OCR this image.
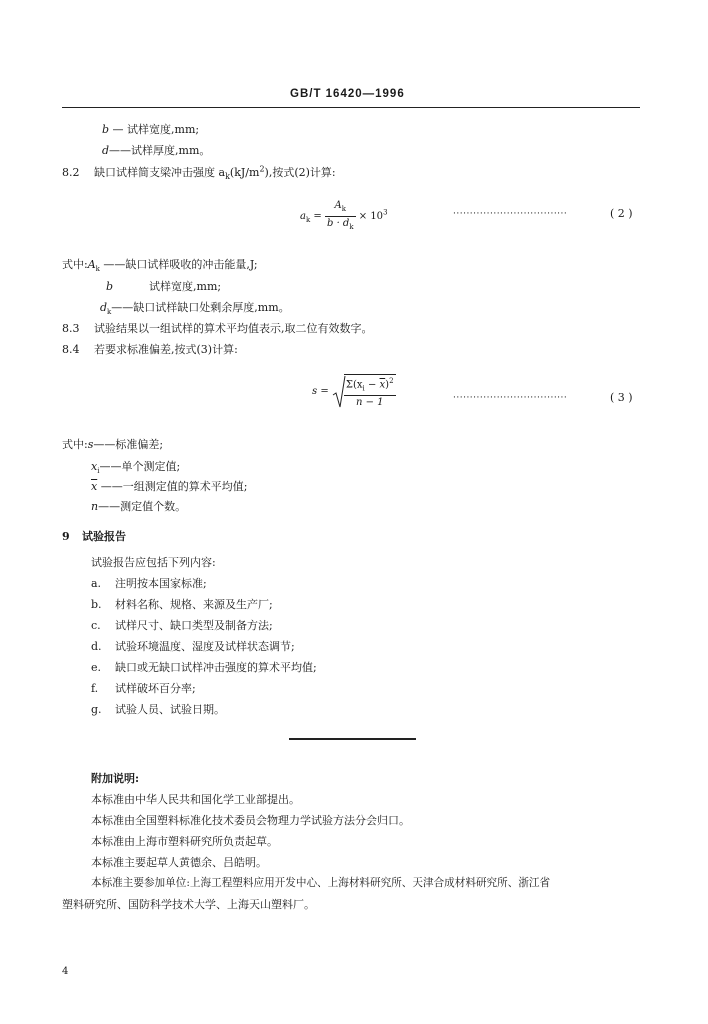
GB/T 16420—1996
b — 试样宽度,mm;
d——试样厚度,mm。
8.2 缺口试样简支梁冲击强度 $a_k(kJ/m^2)$,按式(2)计算:
$a_k = \frac{A_k}{b \cdot d_k} \times 10^3$	··································	( 2 )
式中$:A_k$ ——缺口试样吸收的冲击能量,J;
b ——试样宽度,mm;
$d_k——$缺口试样缺口处剩余厚度,mm。
8.3 试验结果以一组试样的算术平均值表示,取二位有效数字。
8.4 若要求标准偏差,按式(3)计算:
$s = \frac{\Sigma(x_i - \overline{x})^2}{n - 1}$	··································	( 3 )
式中:s——标准偏差;
$x_i——$单个测定值;
$\overline{x}$ ——一组测定值的算术平均值;
n——测定值个数。
9 试验报告
试验报告应包括下列内容:
a. 注明按本国家标准;
b. 材料名称、规格、来源及生产厂;
c. 试样尺寸、缺口类型及制备方法;
d. 试验环境温度、湿度及试样状态调节;
e. 缺口或无缺口试样冲击强度的算术平均值;
f. 试样破坏百分率;
g. 试验人员、试验日期。
附加说明:
本标准由中华人民共和国化学工业部提出。
本标准由全国塑料标准化技术委员会物理力学试验方法分会归口。
本标准由上海市塑料研究所负责起草。
本标准主要起草人黄德余、吕皓明。
本标准主要参加单位:上海工程塑料应用开发中心、上海材料研究所、天津合成材料研究所、浙江省
塑料研究所、国防科学技术大学、上海天山塑料厂。
4
